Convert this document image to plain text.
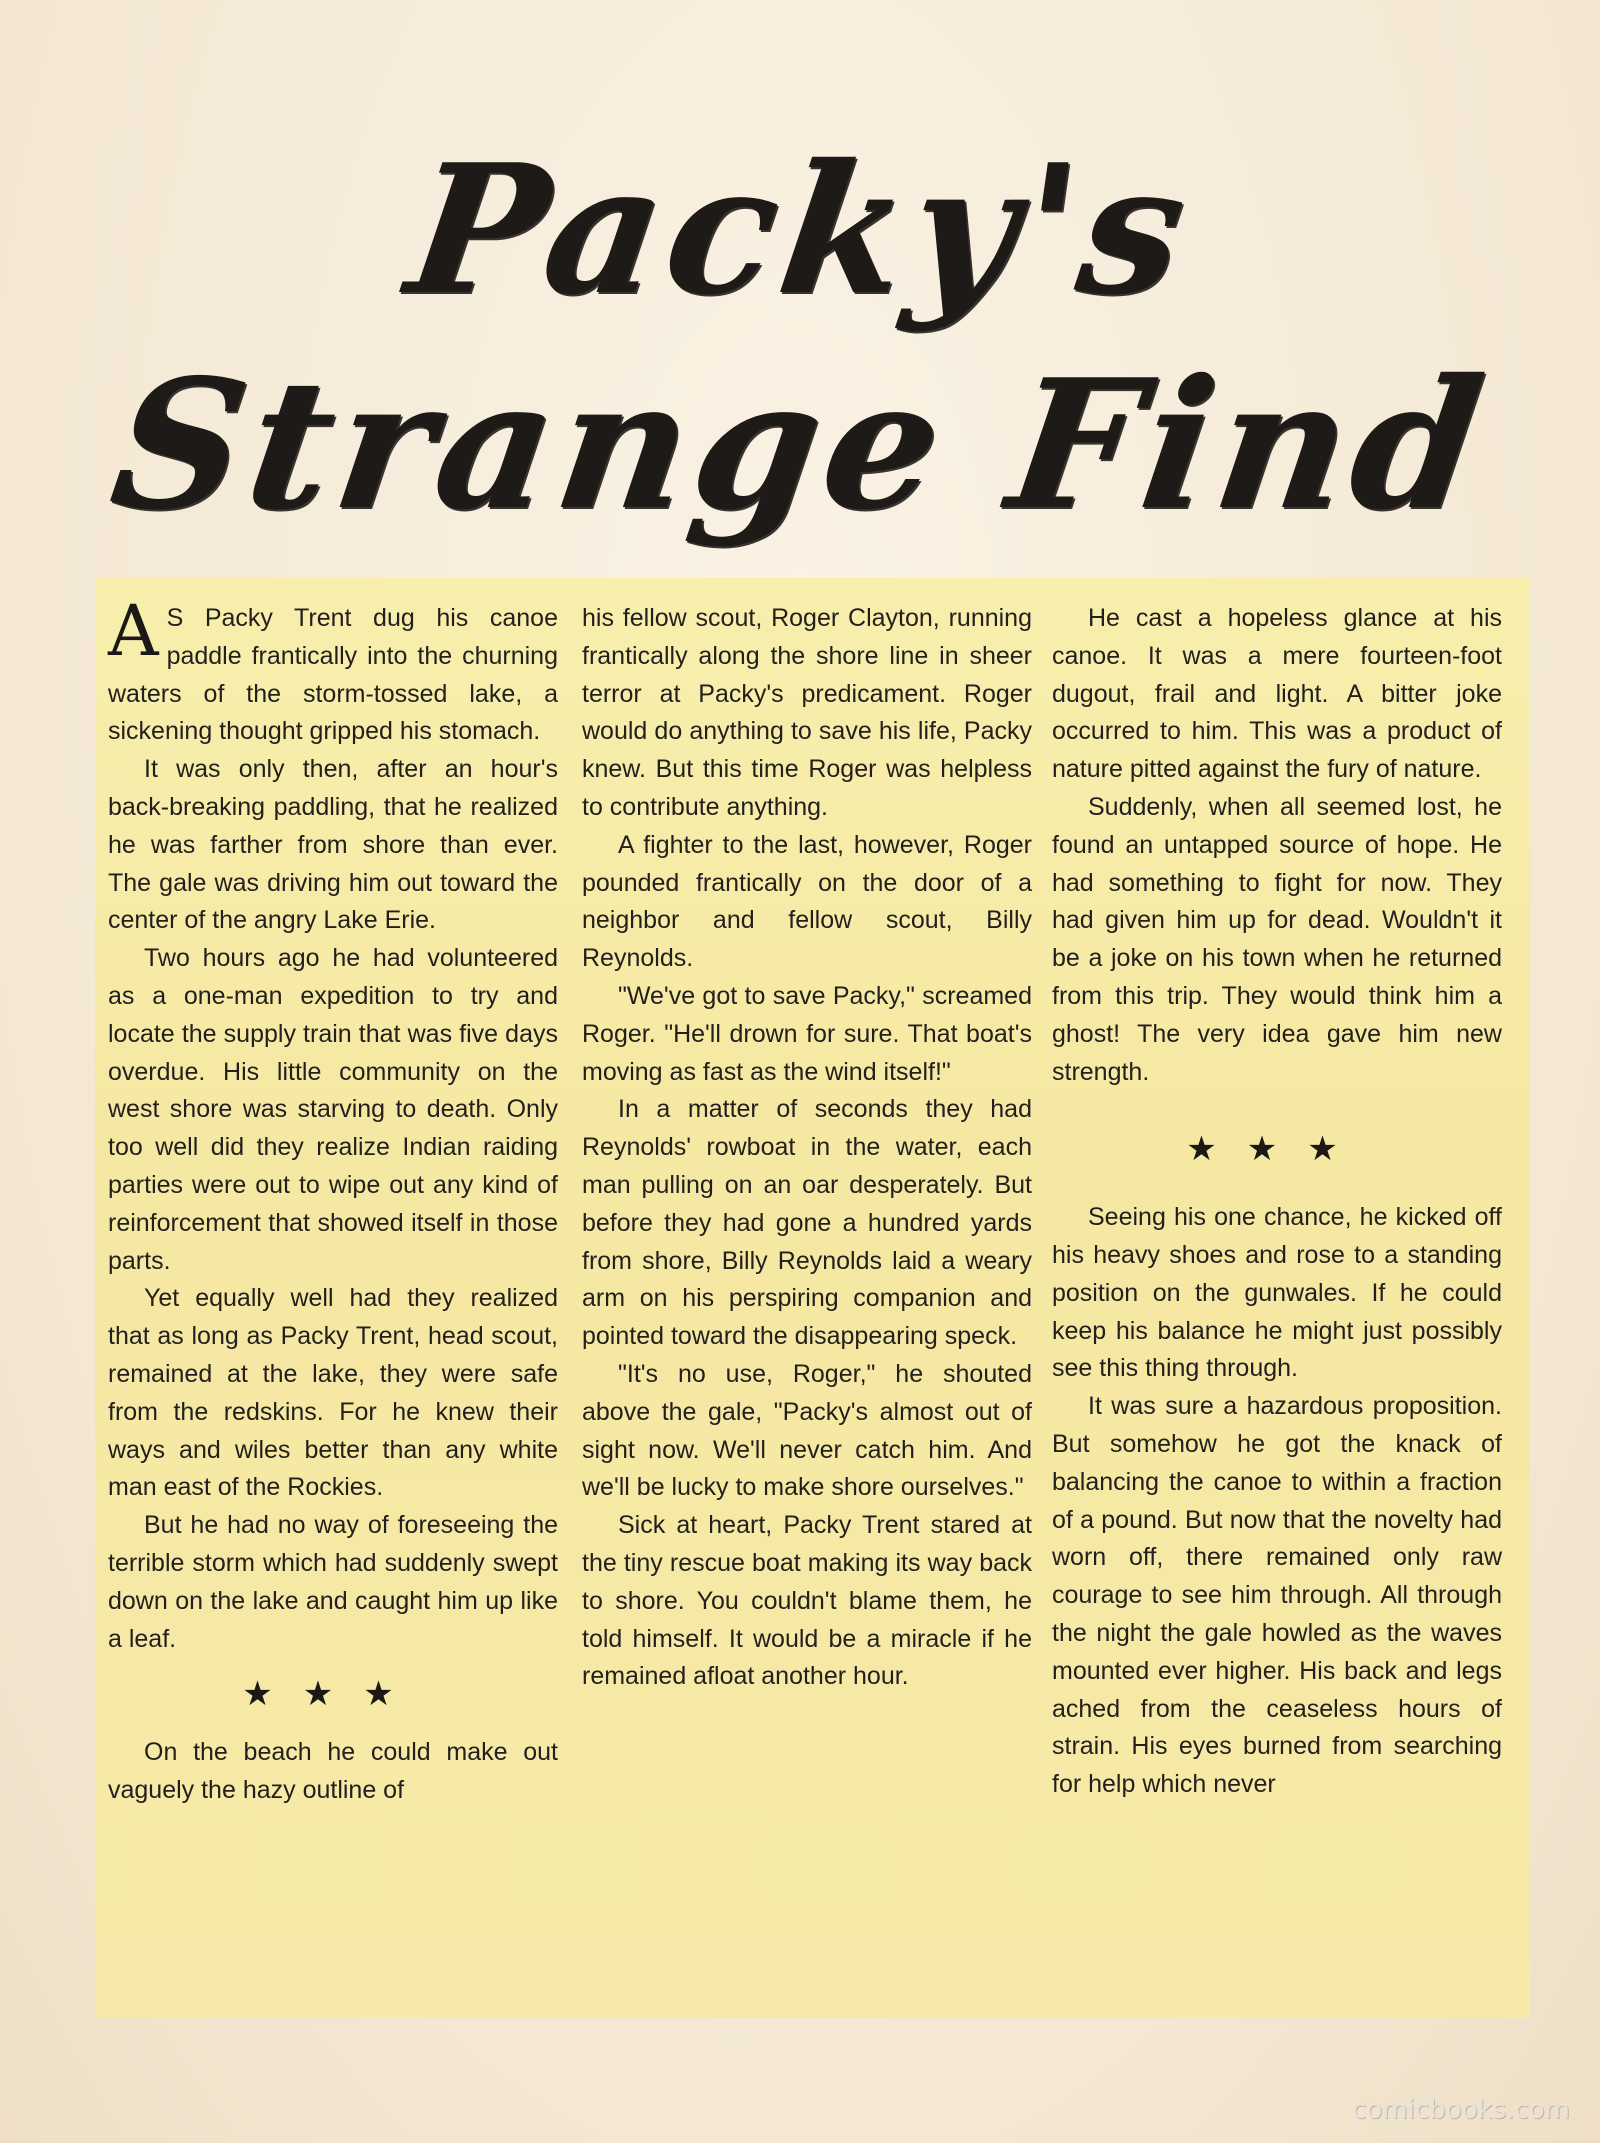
Packy's
Strange Find

A S Packy Trent dug his canoe paddle frantically into the churning waters of the storm-tossed lake, a sickening thought gripped his stomach.

It was only then, after an hour's back-breaking paddling, that he realized he was farther from shore than ever. The gale was driving him out toward the center of the angry Lake Erie.

Two hours ago he had volunteered as a one-man expedition to try and locate the supply train that was five days overdue. His little community on the west shore was starving to death. Only too well did they realize Indian raiding parties were out to wipe out any kind of reinforcement that showed itself in those parts.

Yet equally well had they realized that as long as Packy Trent, head scout, remained at the lake, they were safe from the redskins. For he knew their ways and wiles better than any white man east of the Rockies.

But he had no way of foreseeing the terrible storm which had suddenly swept down on the lake and caught him up like a leaf.

★★★

On the beach he could make out vaguely the hazy outline of

his fellow scout, Roger Clayton, running frantically along the shore line in sheer terror at Packy's predicament. Roger would do anything to save his life, Packy knew. But this time Roger was helpless to contribute anything.

A fighter to the last, however, Roger pounded frantically on the door of a neighbor and fellow scout, Billy Reynolds.

"We've got to save Packy," screamed Roger. "He'll drown for sure. That boat's moving as fast as the wind itself!"

In a matter of seconds they had Reynolds' rowboat in the water, each man pulling on an oar desperately. But before they had gone a hundred yards from shore, Billy Reynolds laid a weary arm on his perspiring companion and pointed toward the disappearing speck.

"It's no use, Roger," he shouted above the gale, "Packy's almost out of sight now. We'll never catch him. And we'll be lucky to make shore ourselves."

Sick at heart, Packy Trent stared at the tiny rescue boat making its way back to shore. You couldn't blame them, he told himself. It would be a miracle if he remained afloat another hour.

He cast a hopeless glance at his canoe. It was a mere fourteen-foot dugout, frail and light. A bitter joke occurred to him. This was a product of nature pitted against the fury of nature.

Suddenly, when all seemed lost, he found an untapped source of hope. He had something to fight for now. They had given him up for dead. Wouldn't it be a joke on his town when he returned from this trip. They would think him a ghost! The very idea gave him new strength.

★★★

Seeing his one chance, he kicked off his heavy shoes and rose to a standing position on the gunwales. If he could keep his balance he might just possibly see this thing through.

It was sure a hazardous proposition. But somehow he got the knack of balancing the canoe to within a fraction of a pound. But now that the novelty had worn off, there remained only raw courage to see him through. All through the night the gale howled as the waves mounted ever higher. His back and legs ached from the ceaseless hours of strain. His eyes burned from searching for help which never

comicbooks.com
